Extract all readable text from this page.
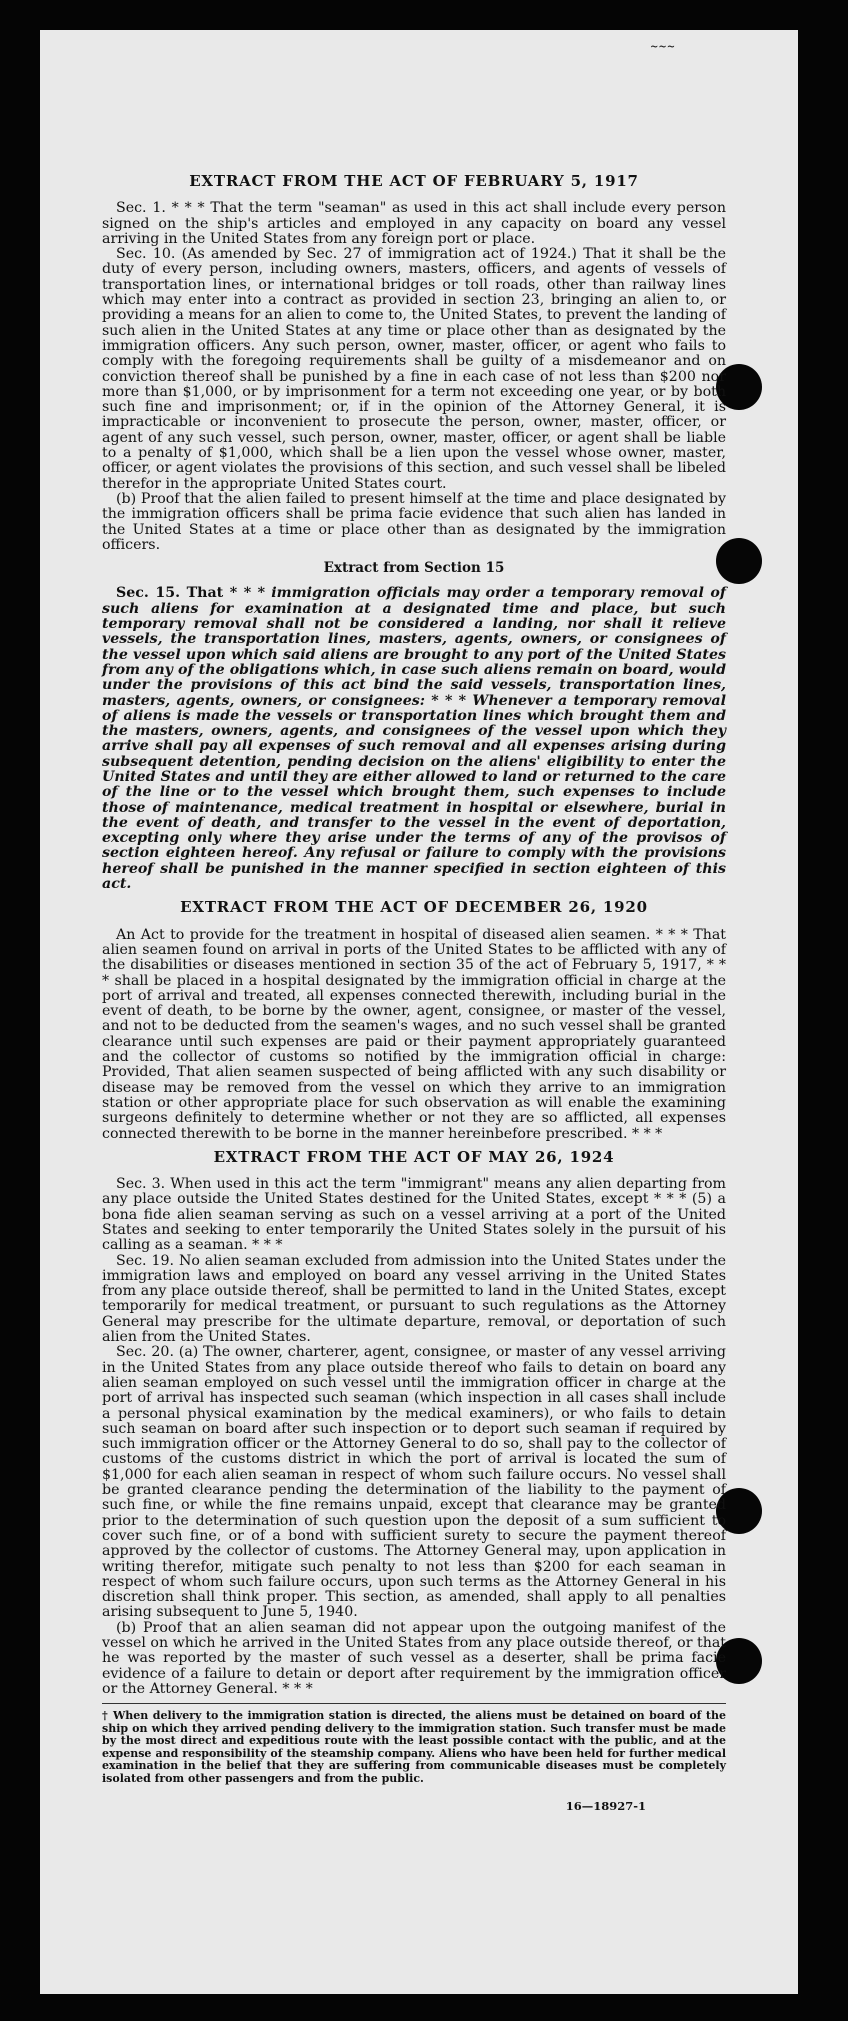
~~~
EXTRACT FROM THE ACT OF FEBRUARY 5, 1917

Sec. 1. * * * That the term "seaman" as used in this act shall include every person signed on the ship's articles and employed in any capacity on board any vessel arriving in the United States from any foreign port or place.

Sec. 10. (As amended by Sec. 27 of immigration act of 1924.) That it shall be the duty of every person, including owners, masters, officers, and agents of vessels of transportation lines, or international bridges or toll roads, other than railway lines which may enter into a contract as provided in section 23, bringing an alien to, or providing a means for an alien to come to, the United States, to prevent the landing of such alien in the United States at any time or place other than as designated by the immigration officers. Any such person, owner, master, officer, or agent who fails to comply with the foregoing requirements shall be guilty of a misdemeanor and on conviction thereof shall be punished by a fine in each case of not less than $200 nor more than $1,000, or by imprisonment for a term not exceeding one year, or by both such fine and imprisonment; or, if in the opinion of the Attorney General, it is impracticable or inconvenient to prosecute the person, owner, master, officer, or agent of any such vessel, such person, owner, master, officer, or agent shall be liable to a penalty of $1,000, which shall be a lien upon the vessel whose owner, master, officer, or agent violates the provisions of this section, and such vessel shall be libeled therefor in the appropriate United States court.

(b) Proof that the alien failed to present himself at the time and place designated by the immigration officers shall be prima facie evidence that such alien has landed in the United States at a time or place other than as designated by the immigration officers.

Extract from Section 15

Sec. 15. That * * * immigration officials may order a temporary removal of such aliens for examination at a designated time and place, but such temporary removal shall not be considered a landing, nor shall it relieve vessels, the transportation lines, masters, agents, owners, or consignees of the vessel upon which said aliens are brought to any port of the United States from any of the obligations which, in case such aliens remain on board, would under the provisions of this act bind the said vessels, transportation lines, masters, agents, owners, or consignees: * * * Whenever a temporary removal of aliens is made the vessels or transportation lines which brought them and the masters, owners, agents, and consignees of the vessel upon which they arrive shall pay all expenses of such removal and all expenses arising during subsequent detention, pending decision on the aliens' eligibility to enter the United States and until they are either allowed to land or returned to the care of the line or to the vessel which brought them, such expenses to include those of maintenance, medical treatment in hospital or elsewhere, burial in the event of death, and transfer to the vessel in the event of deportation, excepting only where they arise under the terms of any of the provisos of section eighteen hereof. Any refusal or failure to comply with the provisions hereof shall be punished in the manner specified in section eighteen of this act.

EXTRACT FROM THE ACT OF DECEMBER 26, 1920

An Act to provide for the treatment in hospital of diseased alien seamen. * * * That alien seamen found on arrival in ports of the United States to be afflicted with any of the disabilities or diseases mentioned in section 35 of the act of February 5, 1917, * * * shall be placed in a hospital designated by the immigration official in charge at the port of arrival and treated, all expenses connected therewith, including burial in the event of death, to be borne by the owner, agent, consignee, or master of the vessel, and not to be deducted from the seamen's wages, and no such vessel shall be granted clearance until such expenses are paid or their payment appropriately guaranteed and the collector of customs so notified by the immigration official in charge: Provided, That alien seamen suspected of being afflicted with any such disability or disease may be removed from the vessel on which they arrive to an immigration station or other appropriate place for such observation as will enable the examining surgeons definitely to determine whether or not they are so afflicted, all expenses connected therewith to be borne in the manner hereinbefore prescribed. * * *

EXTRACT FROM THE ACT OF MAY 26, 1924

Sec. 3. When used in this act the term "immigrant" means any alien departing from any place outside the United States destined for the United States, except * * * (5) a bona fide alien seaman serving as such on a vessel arriving at a port of the United States and seeking to enter temporarily the United States solely in the pursuit of his calling as a seaman. * * *

Sec. 19. No alien seaman excluded from admission into the United States under the immigration laws and employed on board any vessel arriving in the United States from any place outside thereof, shall be permitted to land in the United States, except temporarily for medical treatment, or pursuant to such regulations as the Attorney General may prescribe for the ultimate departure, removal, or deportation of such alien from the United States.

Sec. 20. (a) The owner, charterer, agent, consignee, or master of any vessel arriving in the United States from any place outside thereof who fails to detain on board any alien seaman employed on such vessel until the immigration officer in charge at the port of arrival has inspected such seaman (which inspection in all cases shall include a personal physical examination by the medical examiners), or who fails to detain such seaman on board after such inspection or to deport such seaman if required by such immigration officer or the Attorney General to do so, shall pay to the collector of customs of the customs district in which the port of arrival is located the sum of $1,000 for each alien seaman in respect of whom such failure occurs. No vessel shall be granted clearance pending the determination of the liability to the payment of such fine, or while the fine remains unpaid, except that clearance may be granted prior to the determination of such question upon the deposit of a sum sufficient to cover such fine, or of a bond with sufficient surety to secure the payment thereof approved by the collector of customs. The Attorney General may, upon application in writing therefor, mitigate such penalty to not less than $200 for each seaman in respect of whom such failure occurs, upon such terms as the Attorney General in his discretion shall think proper. This section, as amended, shall apply to all penalties arising subsequent to June 5, 1940.

(b) Proof that an alien seaman did not appear upon the outgoing manifest of the vessel on which he arrived in the United States from any place outside thereof, or that he was reported by the master of such vessel as a deserter, shall be prima facie evidence of a failure to detain or deport after requirement by the immigration officer or the Attorney General. * * *

† When delivery to the immigration station is directed, the aliens must be detained on board of the ship on which they arrived pending delivery to the immigration station. Such transfer must be made by the most direct and expeditious route with the least possible contact with the public, and at the expense and responsibility of the steamship company. Aliens who have been held for further medical examination in the belief that they are suffering from communicable diseases must be completely isolated from other passengers and from the public.
16—18927-1
